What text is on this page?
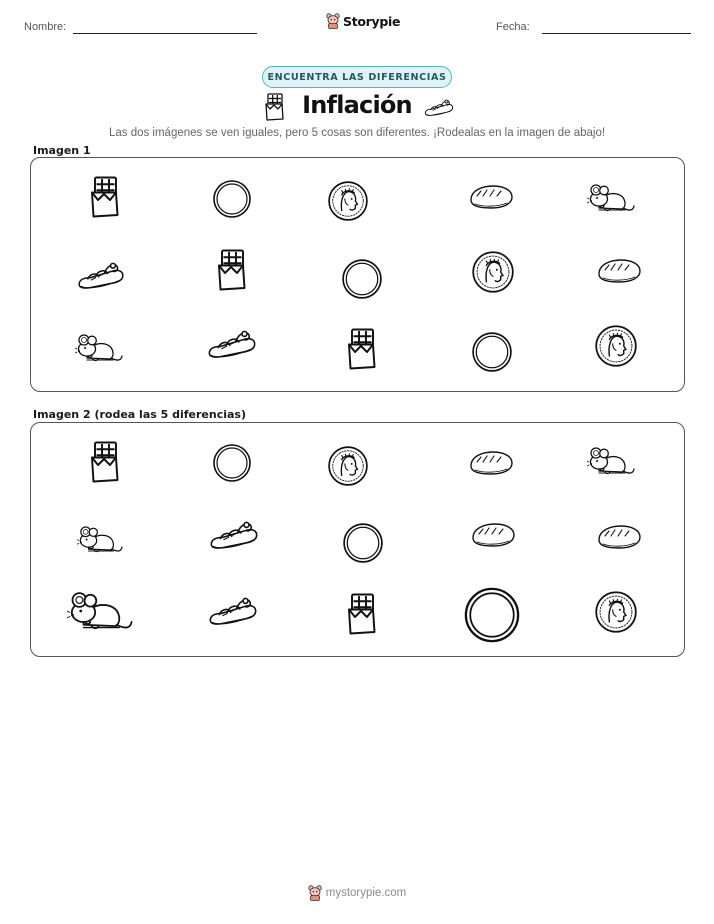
Nombre:	Fecha:
Storypie
ENCUENTRA LAS DIFERENCIAS
Inflación
Las dos imágenes se ven iguales, pero 5 cosas son diferentes. ¡Rodealas en la imagen de abajo!
Imagen 1
Imagen 2 (rodea las 5 diferencias)
mystorypie.com
